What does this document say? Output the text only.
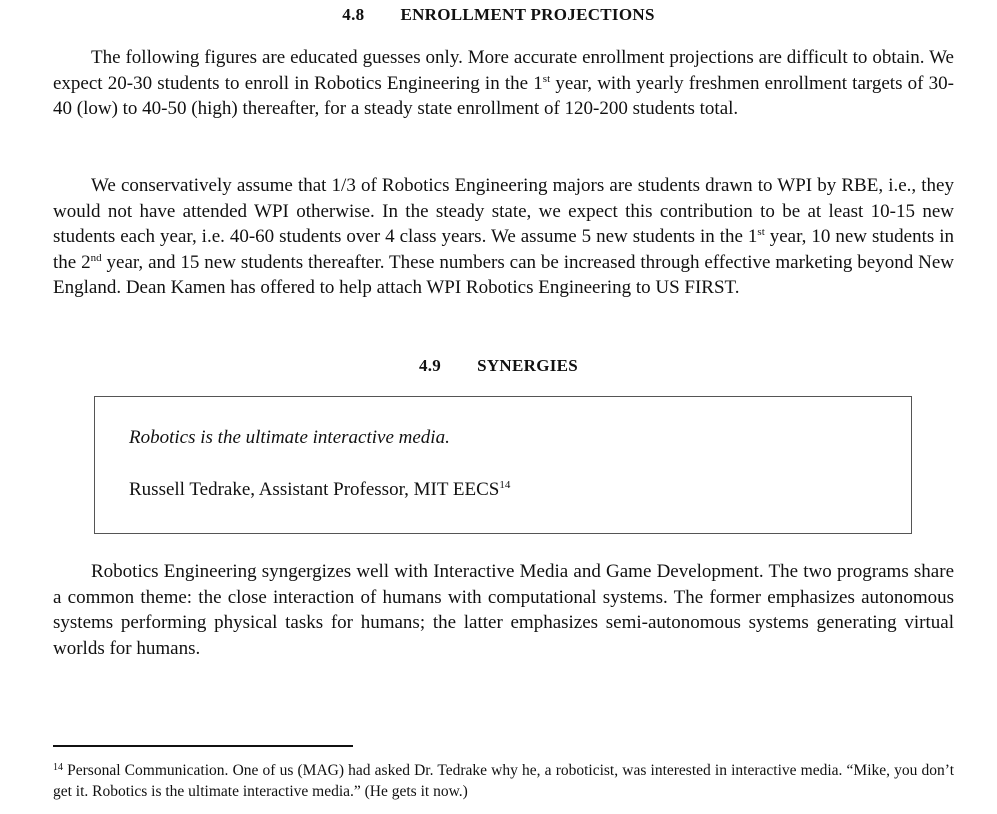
4.8 ENROLLMENT PROJECTIONS

The following figures are educated guesses only. More accurate enrollment projections are difficult to obtain. We expect 20-30 students to enroll in Robotics Engineering in the 1st year, with yearly freshmen enrollment targets of 30-40 (low) to 40-50 (high) thereafter, for a steady state enrollment of 120-200 students total.

We conservatively assume that 1/3 of Robotics Engineering majors are students drawn to WPI by RBE, i.e., they would not have attended WPI otherwise. In the steady state, we expect this contribution to be at least 10-15 new students each year, i.e. 40-60 students over 4 class years. We assume 5 new students in the 1st year, 10 new students in the 2nd year, and 15 new students thereafter. These numbers can be increased through effective marketing beyond New England. Dean Kamen has offered to help attach WPI Robotics Engineering to US FIRST.

4.9 SYNERGIES
Robotics is the ultimate interactive media.
Russell Tedrake, Assistant Professor, MIT EECS$^{14}$

Robotics Engineering syngergizes well with Interactive Media and Game Development. The two programs share a common theme: the close interaction of humans with computational systems. The former emphasizes autonomous systems performing physical tasks for humans; the latter emphasizes semi-autonomous systems generating virtual worlds for humans.

$^{14}$ Personal Communication. One of us (MAG) had asked Dr. Tedrake why he, a roboticist, was interested in interactive media. “Mike, you don’t get it. Robotics is the ultimate interactive media.” (He gets it now.)
